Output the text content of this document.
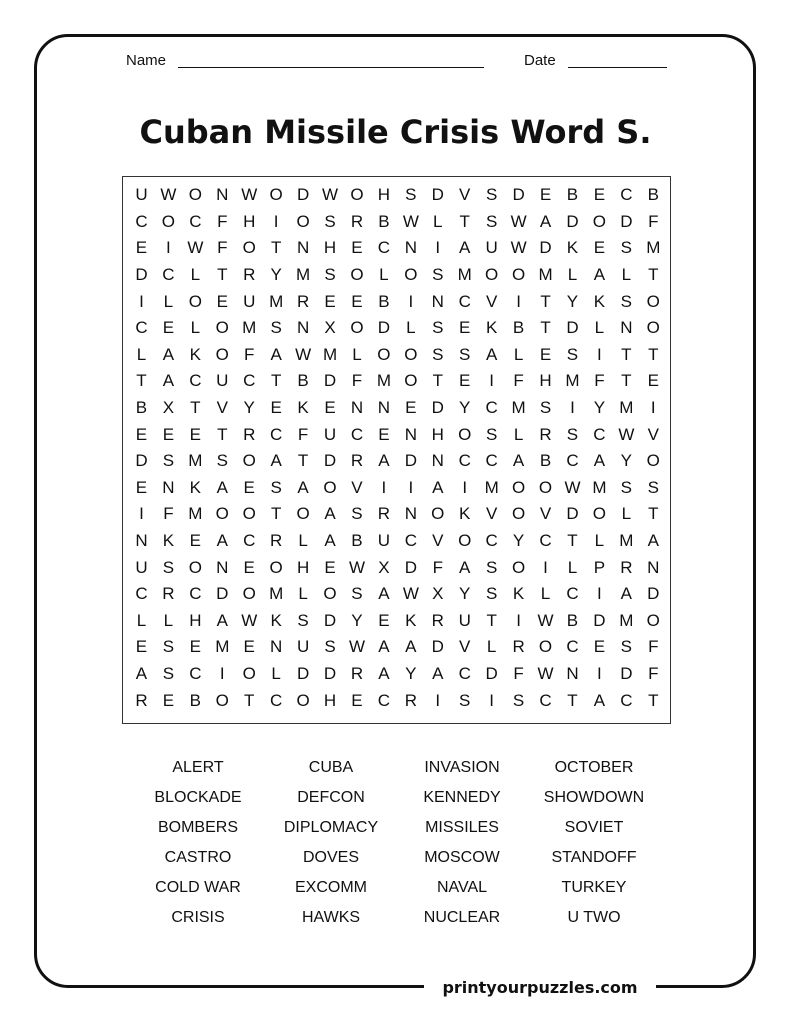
Name	Date
Cuban Missile Crisis Word S.
U W O N W O D W O H S D V S D E B E C B
C O C F H	I	O S R B W L	T S W A D O D F
E	I W F O T N H E C N	I	A U W D K E S M
D C L	T R Y M S O L O S M O O M L A L	T
I	L O E U M R E E B	I	N C V	I	T Y K S O
C E L O M S N X O D L S E K B T D L N O
L A K O F A W M L O O S S A L E S	I	T T
T A C U C T B D F M O T E	I	F H M F T E
B X T V Y E K E N N E D Y C M S	I	Y M	I
E E E T R C F U C E N H O S L R S C W V
D S M S O A T D R A D N C C A B C A Y O
E N K A E S A O V	I	I	A	I	M O O W M S S
I	F M O O T O A S R N O K V O V D O L	T
N K E A C R L A B U C V O C Y C T	L M A
U S O N E O H E W X D F A S O	I	L P R N
C R C D O M L O S A W X Y S K L C	I	A D
L	L H A W K S D Y E K R U T	I W B D M O
E S E M E N U S W A A D V L R O C E S F
A S C	I	O L D D R A Y A C D F W N	I	D F
R E B O T C O H E C R	I	S	I	S C T A C T
ALERT	CUBA	INVASION	OCTOBER
BLOCKADE	DEFCON	KENNEDY	SHOWDOWN
BOMBERS	DIPLOMACY	MISSILES	SOVIET
CASTRO	DOVES	MOSCOW	STANDOFF
COLD WAR	EXCOMM	NAVAL	TURKEY
CRISIS	HAWKS	NUCLEAR	U TWO
printyourpuzzles.com
